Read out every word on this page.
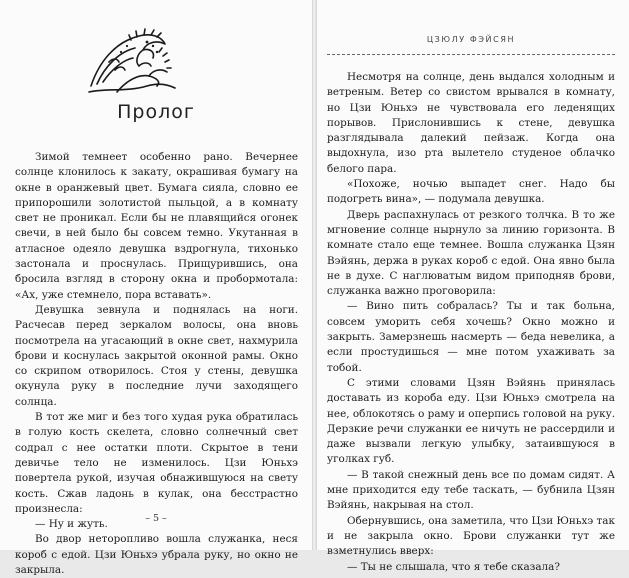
Пролог

Зимой темнеет особенно рано. Вечернее солнце клонилось к закату, окрашивая бумагу на окне в оранжевый цвет. Бумага сияла, словно ее припорошили золотистой пыльцой, а в комнату свет не проникал. Если бы не плавящийся огонек свечи, в ней было бы совсем темно. Укутанная в атласное одеяло девушка вздрогнула, тихонько застонала и проснулась. Прищурившись, она бросила взгляд в сторону окна и пробормотала: «Ах, уже стемнело, пора вставать».

Девушка зевнула и поднялась на ноги. Расчесав перед зеркалом волосы, она вновь посмотрела на угасающий в окне свет, нахмурила брови и коснулась закрытой оконной рамы. Окно со скрипом отворилось. Стоя у стены, девушка окунула руку в последние лучи заходящего солнца.

В тот же миг и без того худая рука обратилась в голую кость скелета, словно солнечный свет содрал с нее остатки плоти. Скрытое в тени девичье тело не изменилось. Цзи Юньхэ повертела рукой, изучая обнажившуюся на свету кость. Сжав ладонь в кулак, она бесстрастно произнесла:

— Ну и жуть.

Во двор неторопливо вошла служанка, неся короб с едой. Цзи Юньхэ убрала руку, но окно не закрыла.

– 5 –
ЦЗЮЛУ ФЭЙСЯН

Несмотря на солнце, день выдался холодным и ветреным. Ветер со свистом врывался в комнату, но Цзи Юньхэ не чувствовала его леденящих порывов. Прислонившись к стене, девушка разглядывала далекий пейзаж. Когда она выдохнула, изо рта вылетело студеное облачко белого пара.

«Похоже, ночью выпадет снег. Надо бы подогреть вина», — подумала девушка.

Дверь распахнулась от резкого толчка. В то же мгновение солнце нырнуло за линию горизонта. В комнате стало еще темнее. Вошла служанка Цзян Вэйянь, держа в руках короб с едой. Она явно была не в духе. С наглюватым видом приподняв брови, служанка важно проговорила:

— Вино пить собралась? Ты и так больна, совсем уморить себя хочешь? Окно можно и закрыть. Замерзнешь насмерть — беда невелика, а если простудишься — мне потом ухаживать за тобой.

С этими словами Цзян Вэйянь принялась доставать из короба еду. Цзи Юньхэ смотрела на нее, облокотясь о раму и оперпись головой на руку. Дерзкие речи служанки ее ничуть не рассердили и даже вызвали легкую улыбку, затаившуюся в уголках губ.

— В такой снежный день все по домам сидят. А мне приходится еду тебе таскать, — бубнила Цзян Вэйянь, накрывая на стол.

Обернувшись, она заметила, что Цзи Юньхэ так и не закрыла окно. Брови служанки тут же взметнулись вверх:

— Ты не слышала, что я тебе сказала?
